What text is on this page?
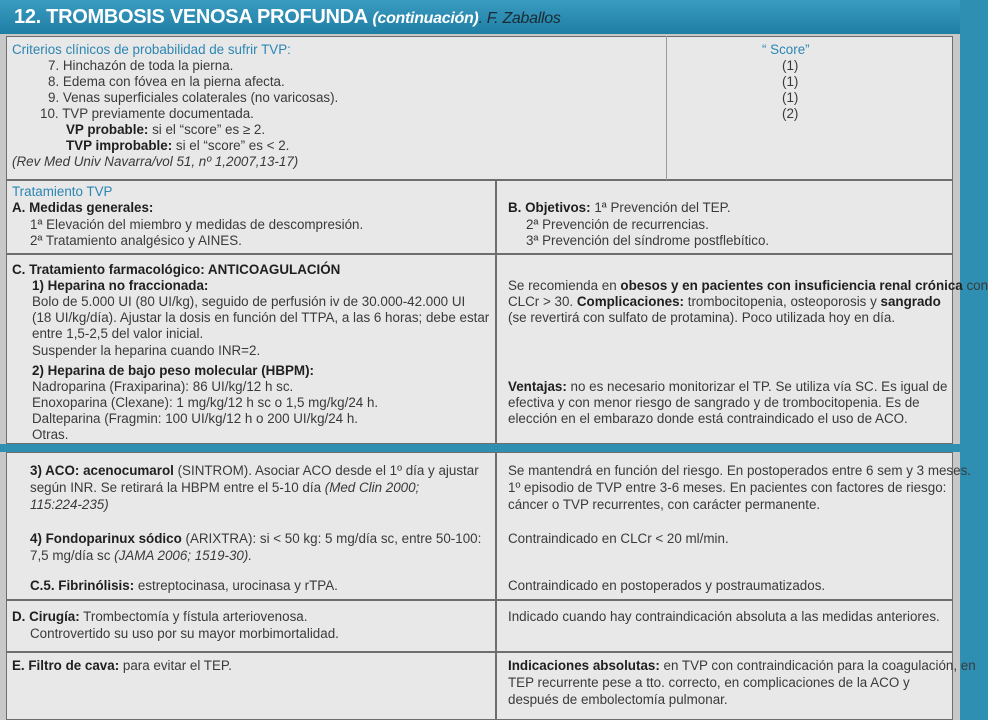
12. TROMBOSIS VENOSA PROFUNDA (continuación). F. Zaballos
Criterios clínicos de probabilidad de sufrir TVP:
7. Hinchazón de toda la pierna.
8. Edema con fóvea en la pierna afecta.
9. Venas superficiales colaterales (no varicosas).
10. TVP previamente documentada.
VP probable: si el “score” es ≥ 2.
TVP improbable: si el “score” es < 2.
(Rev Med Univ Navarra/vol 51, nº 1,2007,13-17)
“ Score”
(1)
(1)
(1)
(2)
Tratamiento TVP
A. Medidas generales:
1ª Elevación del miembro y medidas de descompresión.
2ª Tratamiento analgésico y AINES.
B. Objetivos: 1ª Prevención del TEP.
2ª Prevención de recurrencias.
3ª Prevención del síndrome postflebítico.
C. Tratamiento farmacológico: ANTICOAGULACIÓN
1) Heparina no fraccionada:
Bolo de 5.000 UI (80 UI/kg), seguido de perfusión iv de 30.000-42.000 UI
(18 UI/kg/día). Ajustar la dosis en función del TTPA, a las 6 horas; debe estar
entre 1,5-2,5 del valor inicial.
Suspender la heparina cuando INR=2.
Se recomienda en obesos y en pacientes con insuficiencia renal crónica con
CLCr > 30. Complicaciones: trombocitopenia, osteoporosis y sangrado
(se revertirá con sulfato de protamina). Poco utilizada hoy en día.
2) Heparina de bajo peso molecular (HBPM):
Nadroparina (Fraxiparina): 86 UI/kg/12 h sc.
Enoxoparina (Clexane): 1 mg/kg/12 h sc o 1,5 mg/kg/24 h.
Dalteparina (Fragmin: 100 UI/kg/12 h o 200 UI/kg/24 h.
Otras.
Ventajas: no es necesario monitorizar el TP. Se utiliza vía SC. Es igual de
efectiva y con menor riesgo de sangrado y de trombocitopenia. Es de
elección en el embarazo donde está contraindicado el uso de ACO.
3) ACO: acenocumarol (SINTROM). Asociar ACO desde el 1º día y ajustar
según INR. Se retirará la HBPM entre el 5-10 día (Med Clin 2000;
115:224-235)
Se mantendrá en función del riesgo. En postoperados entre 6 sem y 3 meses.
1º episodio de TVP entre 3-6 meses. En pacientes con factores de riesgo:
cáncer o TVP recurrentes, con carácter permanente.
4) Fondoparinux sódico (ARIXTRA): si < 50 kg: 5 mg/día sc, entre 50-100:
7,5 mg/día sc (JAMA 2006; 1519-30).
Contraindicado en CLCr < 20 ml/min.
C.5. Fibrinólisis: estreptocinasa, urocinasa y rTPA.	Contraindicado en postoperados y postraumatizados.
D. Cirugía: Trombectomía y fístula arteriovenosa.
Controvertido su uso por su mayor morbimortalidad.
Indicado cuando hay contraindicación absoluta a las medidas anteriores.
E. Filtro de cava: para evitar el TEP.	Indicaciones absolutas: en TVP con contraindicación para la coagulación, en
TEP recurrente pese a tto. correcto, en complicaciones de la ACO y
después de embolectomía pulmonar.
